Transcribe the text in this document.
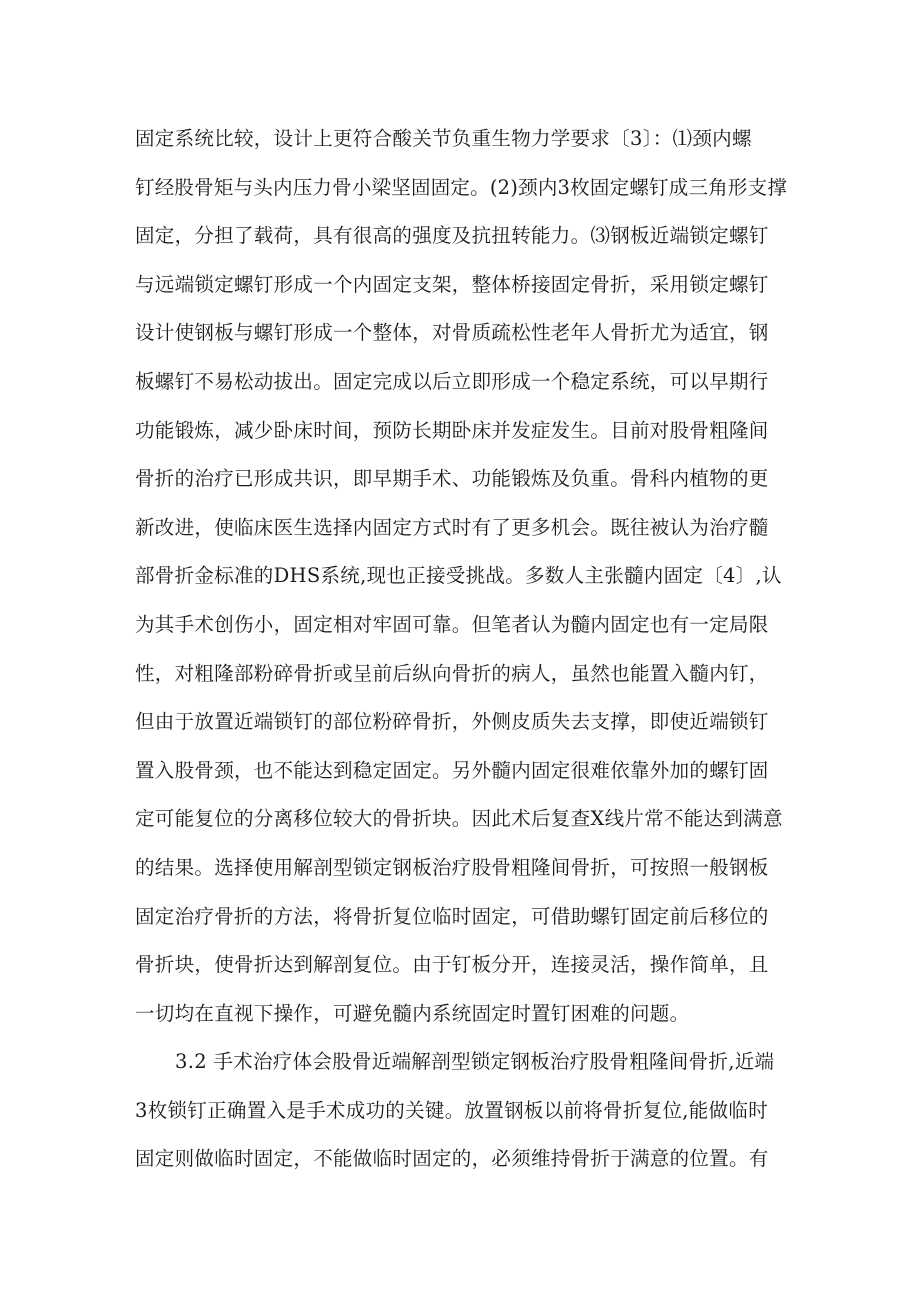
固定系统比较，设计上更符合酸关节负重生物力学要求〔3〕：⑴颈内螺
钉经股骨矩与头内压力骨小梁坚固固定。(2)颈内3枚固定螺钉成三角形支撑
固定，分担了载荷，具有很高的强度及抗扭转能力。⑶钢板近端锁定螺钉
与远端锁定螺钉形成一个内固定支架，整体桥接固定骨折，采用锁定螺钉
设计使钢板与螺钉形成一个整体，对骨质疏松性老年人骨折尤为适宜，钢
板螺钉不易松动拔出。固定完成以后立即形成一个稳定系统，可以早期行
功能锻炼，减少卧床时间，预防长期卧床并发症发生。目前对股骨粗隆间
骨折的治疗已形成共识，即早期手术、功能锻炼及负重。骨科内植物的更
新改进，使临床医生选择内固定方式时有了更多机会。既往被认为治疗髓
部骨折金标准的DHS系统,现也正接受挑战。多数人主张髓内固定〔4〕,认
为其手术创伤小，固定相对牢固可靠。但笔者认为髓内固定也有一定局限
性，对粗隆部粉碎骨折或呈前后纵向骨折的病人，虽然也能置入髓内钉，
但由于放置近端锁钉的部位粉碎骨折，外侧皮质失去支撑，即使近端锁钉
置入股骨颈，也不能达到稳定固定。另外髓内固定很难依靠外加的螺钉固
定可能复位的分离移位较大的骨折块。因此术后复查X线片常不能达到满意
的结果。选择使用解剖型锁定钢板治疗股骨粗隆间骨折，可按照一般钢板
固定治疗骨折的方法，将骨折复位临时固定，可借助螺钉固定前后移位的
骨折块，使骨折达到解剖复位。由于钉板分开，连接灵活，操作简单，且
一切均在直视下操作，可避免髓内系统固定时置钉困难的问题。
3.2 手术治疗体会股骨近端解剖型锁定钢板治疗股骨粗隆间骨折,近端
3枚锁钉正确置入是手术成功的关键。放置钢板以前将骨折复位,能做临时
固定则做临时固定，不能做临时固定的，必须维持骨折于满意的位置。有
